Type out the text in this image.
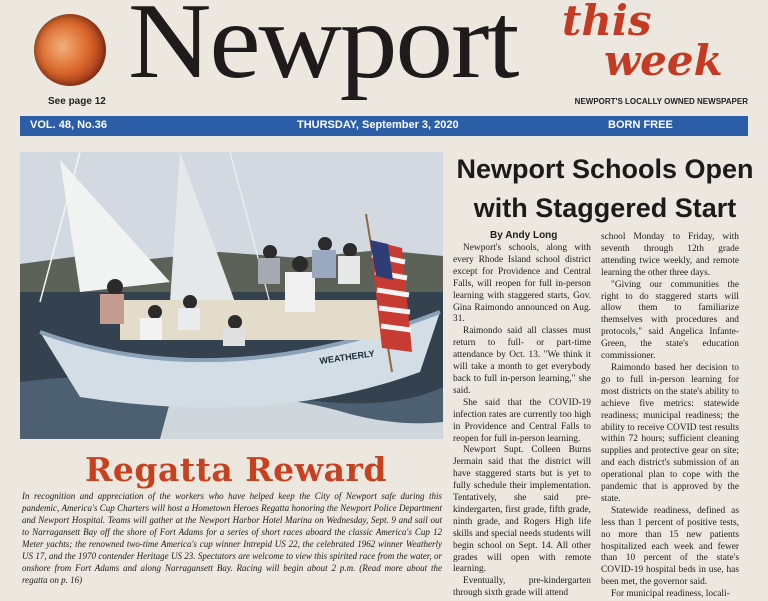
See page 12
Newport this
week
NEWPORT'S LOCALLY OWNED NEWSPAPER
VOL. 48, No.36	THURSDAY, September 3, 2020	BORN FREE
WEATHERLY
Regatta Reward
In recognition and appreciation of the workers who have helped keep the City of Newport safe during this pandemic, America's Cup Charters will host a Hometown Heroes Regatta honoring the Newport Police Department and Newport Hospital. Teams will gather at the Newport Harbor Hotel Marina on Wednesday, Sept. 9 and sail out to Narragansett Bay off the shore of Fort Adams for a series of short races aboard the classic America's Cup 12 Meter yachts; the renowned two-time America's cup winner Intrepid US 22, the celebrated 1962 winner Weatherly US 17, and the 1970 contender Heritage US 23. Spectators are welcome to view this spirited race from the water, or onshore from Fort Adams and along Narragansett Bay. Racing will begin about 2 p.m. (Read more about the regatta on p. 16)
Newport Schools Open with Staggered Start
By Andy Long

Newport's schools, along with every Rhode Island school district except for Providence and Central Falls, will reopen for full in-person learning with staggered starts, Gov. Gina Raimondo announced on Aug. 31.

Raimondo said all classes must return to full- or part-time attendance by Oct. 13. "We think it will take a month to get everybody back to full in-person learning," she said.

She said that the COVID-19 infection rates are currently too high in Providence and Central Falls to reopen for full in-person learning.

Newport Supt. Colleen Burns Jermain said that the district will have staggered starts but is yet to fully schedule their implementation. Tentatively, she said pre-kindergarten, first grade, fifth grade, ninth grade, and Rogers High life skills and special needs students will begin school on Sept. 14. All other grades will open with remote learning.

Eventually, pre-kindergarten through sixth grade will attend

school Monday to Friday, with seventh through 12th grade attending twice weekly, and remote learning the other three days.

"Giving our communities the right to do staggered starts will allow them to familiarize themselves with procedures and protocols," said Angelica Infante-Green, the state's education commissioner.

Raimondo based her decision to go to full in-person learning for most districts on the state's ability to achieve five metrics: statewide readiness; municipal readiness; the ability to receive COVID test results within 72 hours; sufficient cleaning supplies and protective gear on site; and each district's submission of an operational plan to cope with the pandemic that is approved by the state.

Statewide readiness, defined as less than 1 percent of positive tests, no more than 15 new patients hospitalized each week and fewer than 10 percent of the state's COVID-19 hospital beds in use, has been met, the governor said.

For municipal readiness, locali-
